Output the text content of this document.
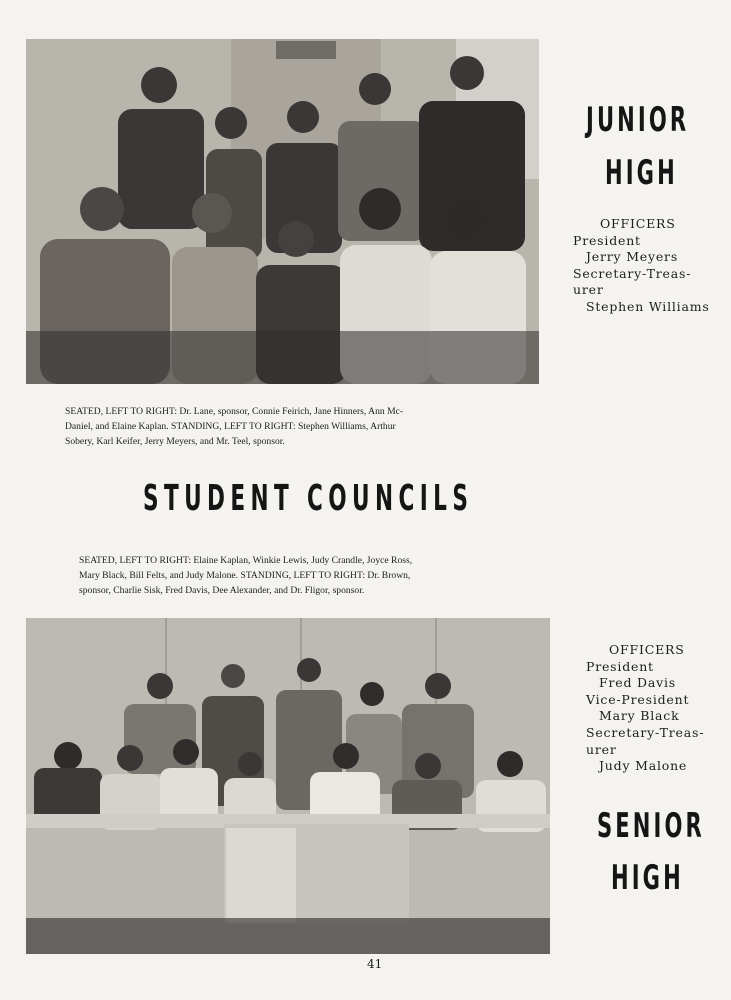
JUNIOR
HIGH
OFFICERS
President
Jerry Meyers
Secretary-Treas-
urer
Stephen Williams
SEATED, LEFT TO RIGHT: Dr. Lane, sponsor, Connie Feirich, Jane Hinners, Ann Mc-
Daniel, and Elaine Kaplan. STANDING, LEFT TO RIGHT: Stephen Williams, Arthur
Sobery, Karl Keifer, Jerry Meyers, and Mr. Teel, sponsor.
STUDENT COUNCILS
SEATED, LEFT TO RIGHT: Elaine Kaplan, Winkie Lewis, Judy Crandle, Joyce Ross,
Mary Black, Bill Felts, and Judy Malone. STANDING, LEFT TO RIGHT: Dr. Brown,
sponsor, Charlie Sisk, Fred Davis, Dee Alexander, and Dr. Fligor, sponsor.
OFFICERS
President
Fred Davis
Vice-President
Mary Black
Secretary-Treas-
urer
Judy Malone
SENIOR
HIGH
41
